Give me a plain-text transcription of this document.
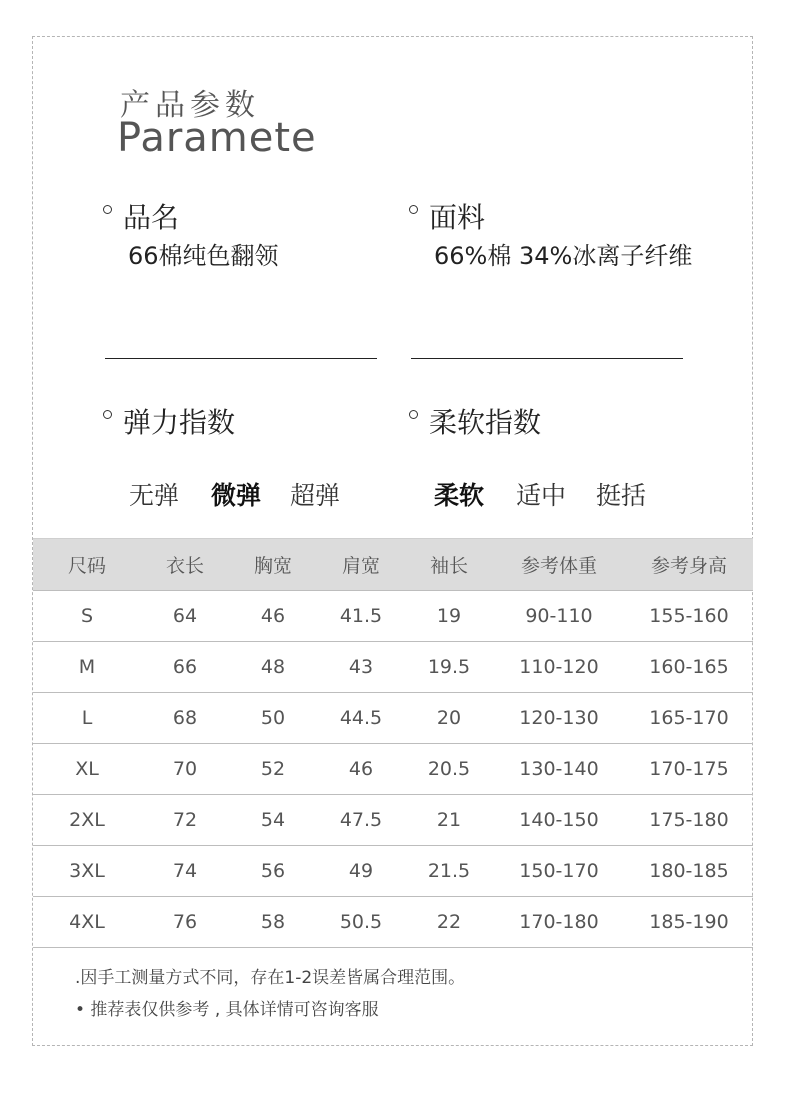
产品参数
Paramete
品名
66棉纯色翻领
面料
66%棉 34%冰离子纤维
弹力指数	柔软指数
无弹 微弹 超弹	柔软 适中 挺括
尺码	衣长	胸宽	肩宽	袖长	参考体重	参考身高
S	64	46	41.5	19	90-110	155-160
M	66	48	43	19.5	110-120	160-165
L	68	50	44.5	20	120-130	165-170
XL	70	52	46	20.5	130-140	170-175
2XL	72	54	47.5	21	140-150	175-180
3XL	74	56	49	21.5	150-170	180-185
4XL	76	58	50.5	22	170-180	185-190
.因手工测量方式不同，存在1-2误差皆属合理范围。
• 推荐表仅供参考 , 具体详情可咨询客服
